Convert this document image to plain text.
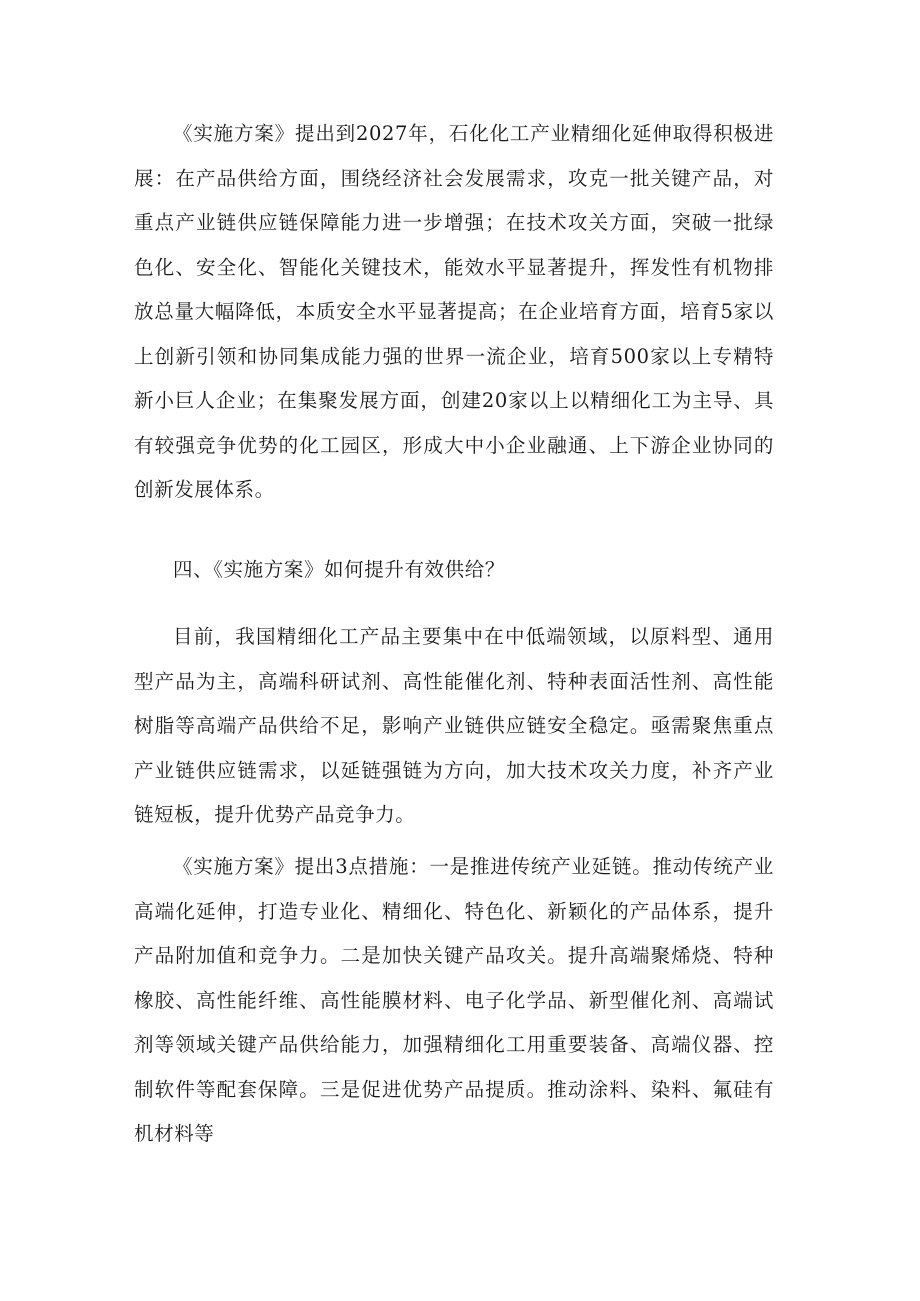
《实施方案》提出到2027年，石化化工产业精细化延伸取得积极进展：在产品供给方面，围绕经济社会发展需求，攻克一批关键产品，对重点产业链供应链保障能力进一步增强；在技术攻关方面，突破一批绿色化、安全化、智能化关键技术，能效水平显著提升，挥发性有机物排放总量大幅降低，本质安全水平显著提高；在企业培育方面，培育5家以上创新引领和协同集成能力强的世界一流企业，培育500家以上专精特新小巨人企业；在集聚发展方面，创建20家以上以精细化工为主导、具有较强竞争优势的化工园区，形成大中小企业融通、上下游企业协同的创新发展体系。

四、《实施方案》如何提升有效供给？

目前，我国精细化工产品主要集中在中低端领域，以原料型、通用型产品为主，高端科研试剂、高性能催化剂、特种表面活性剂、高性能树脂等高端产品供给不足，影响产业链供应链安全稳定。亟需聚焦重点产业链供应链需求，以延链强链为方向，加大技术攻关力度，补齐产业链短板，提升优势产品竞争力。

《实施方案》提出3点措施：一是推进传统产业延链。推动传统产业高端化延伸，打造专业化、精细化、特色化、新颖化的产品体系，提升产品附加值和竞争力。二是加快关键产品攻关。提升高端聚烯烧、特种橡胶、高性能纤维、高性能膜材料、电子化学品、新型催化剂、高端试剂等领域关键产品供给能力，加强精细化工用重要装备、高端仪器、控制软件等配套保障。三是促进优势产品提质。推动涂料、染料、氟硅有机材料等
